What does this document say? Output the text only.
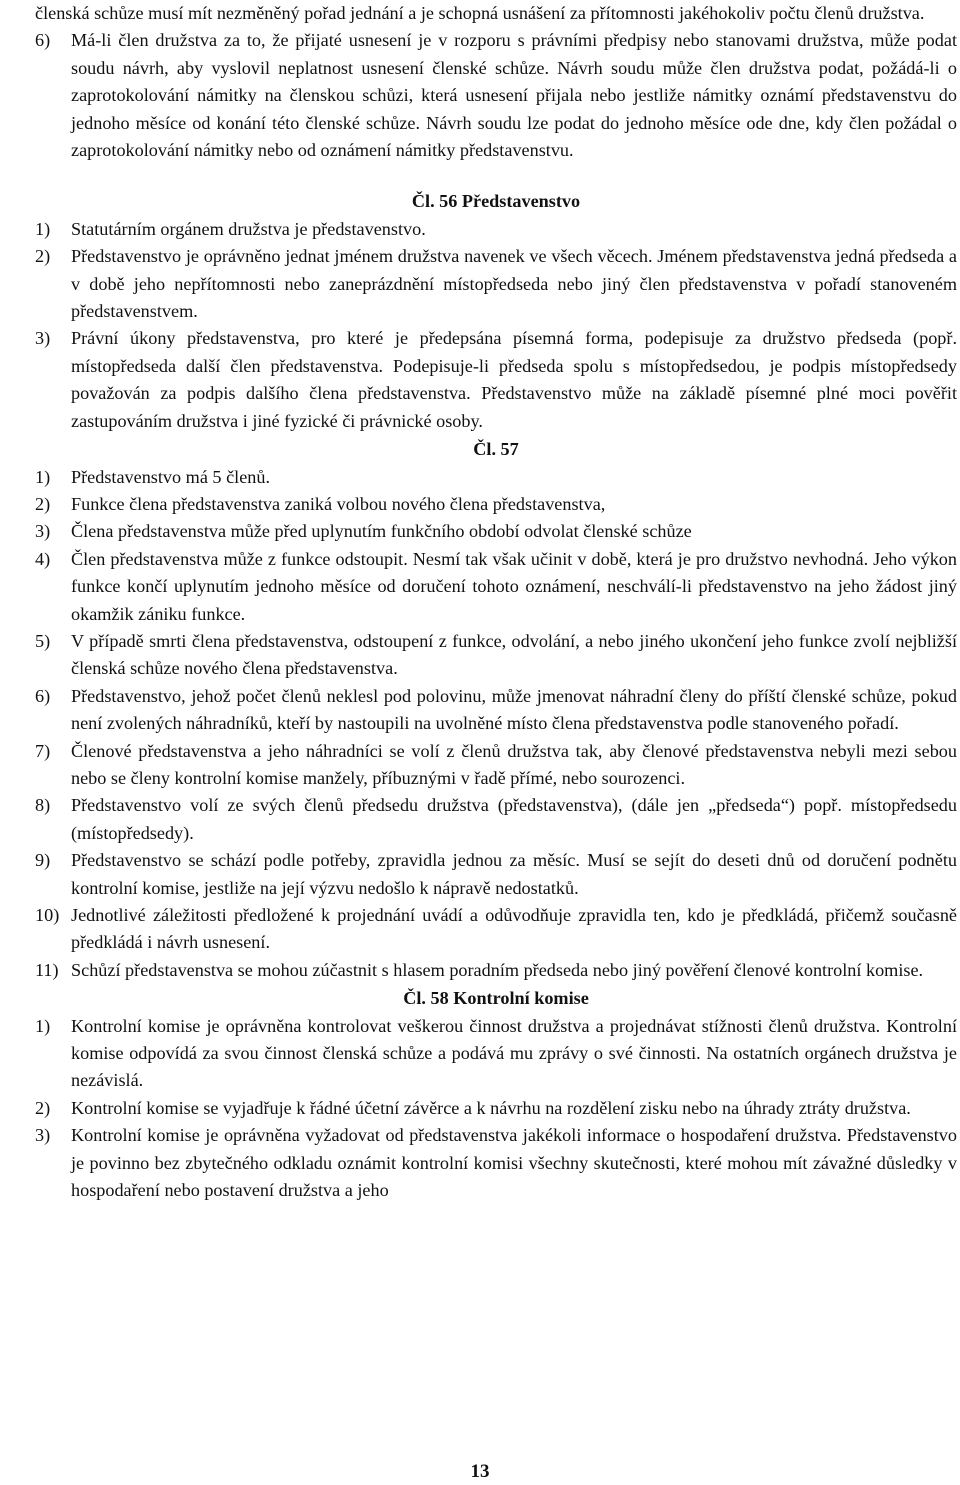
členská schůze musí mít nezměněný pořad jednání a je schopná usnášení za přítomnosti jakéhokoliv počtu členů družstva.

6)	Má-li člen družstva za to, že přijaté usnesení je v rozporu s právními předpisy nebo stanovami družstva, může podat soudu návrh, aby vyslovil neplatnost usnesení členské schůze. Návrh soudu může člen družstva podat, požádá-li o zaprotokolování námitky na členskou schůzi, která usnesení přijala nebo jestliže námitky oznámí představenstvu do jednoho měsíce od konání této členské schůze. Návrh soudu lze podat do jednoho měsíce ode dne, kdy člen požádal o zaprotokolování námitky nebo od oznámení námitky představenstvu.

Čl. 56 Představenstvo

1)	Statutárním orgánem družstva je představenstvo.
2)	Představenstvo je oprávněno jednat jménem družstva navenek ve všech věcech. Jménem představenstva jedná předseda a v době jeho nepřítomnosti nebo zaneprázdnění místopředseda nebo jiný člen představenstva v pořadí stanoveném představenstvem.
3)	Právní úkony představenstva, pro které je předepsána písemná forma, podepisuje za družstvo předseda (popř. místopředseda další člen představenstva. Podepisuje-li předseda spolu s místopředsedou, je podpis místopředsedy považován za podpis dalšího člena představenstva. Představenstvo může na základě písemné plné moci pověřit zastupováním družstva i jiné fyzické či právnické osoby.

Čl. 57

1)	Představenstvo má 5 členů.
2)	Funkce člena představenstva zaniká volbou nového člena představenstva,
3)	Člena představenstva může před uplynutím funkčního období odvolat členské schůze
4)	Člen představenstva může z funkce odstoupit. Nesmí tak však učinit v době, která je pro družstvo nevhodná. Jeho výkon funkce končí uplynutím jednoho měsíce od doručení tohoto oznámení, neschválí-li představenstvo na jeho žádost jiný okamžik zániku funkce.
5)	V případě smrti člena představenstva, odstoupení z funkce, odvolání, a nebo jiného ukončení jeho funkce zvolí nejbližší členská schůze nového člena představenstva.
6)	Představenstvo, jehož počet členů neklesl pod polovinu, může jmenovat náhradní členy do příští členské schůze, pokud není zvolených náhradníků, kteří by nastoupili na uvolněné místo člena představenstva podle stanoveného pořadí.
7)	Členové představenstva a jeho náhradníci se volí z členů družstva tak, aby členové představenstva nebyli mezi sebou nebo se členy kontrolní komise manžely, příbuznými v řadě přímé, nebo sourozenci.
8)	Představenstvo volí ze svých členů předsedu družstva (představenstva), (dále jen „předseda“) popř. místopředsedu (místopředsedy).
9)	Představenstvo se schází podle potřeby, zpravidla jednou za měsíc. Musí se sejít do deseti dnů od doručení podnětu kontrolní komise, jestliže na její výzvu nedošlo k nápravě nedostatků.
10) Jednotlivé záležitosti předložené k projednání uvádí a odůvodňuje zpravidla ten, kdo je předkládá, přičemž současně předkládá i návrh usnesení.
11) Schůzí představenstva se mohou zúčastnit s hlasem poradním předseda nebo jiný pověření členové kontrolní komise.

Čl. 58 Kontrolní komise

1)	Kontrolní komise je oprávněna kontrolovat veškerou činnost družstva a projednávat stížnosti členů družstva. Kontrolní komise odpovídá za svou činnost členská schůze a podává mu zprávy o své činnosti. Na ostatních orgánech družstva je nezávislá.
2)	Kontrolní komise se vyjadřuje k řádné účetní závěrce a k návrhu na rozdělení zisku nebo na úhrady ztráty družstva.
3)	Kontrolní komise je oprávněna vyžadovat od představenstva jakékoli informace o hospodaření družstva. Představenstvo je povinno bez zbytečného odkladu oznámit kontrolní komisi všechny skutečnosti, které mohou mít závažné důsledky v hospodaření nebo postavení družstva a jeho
13
